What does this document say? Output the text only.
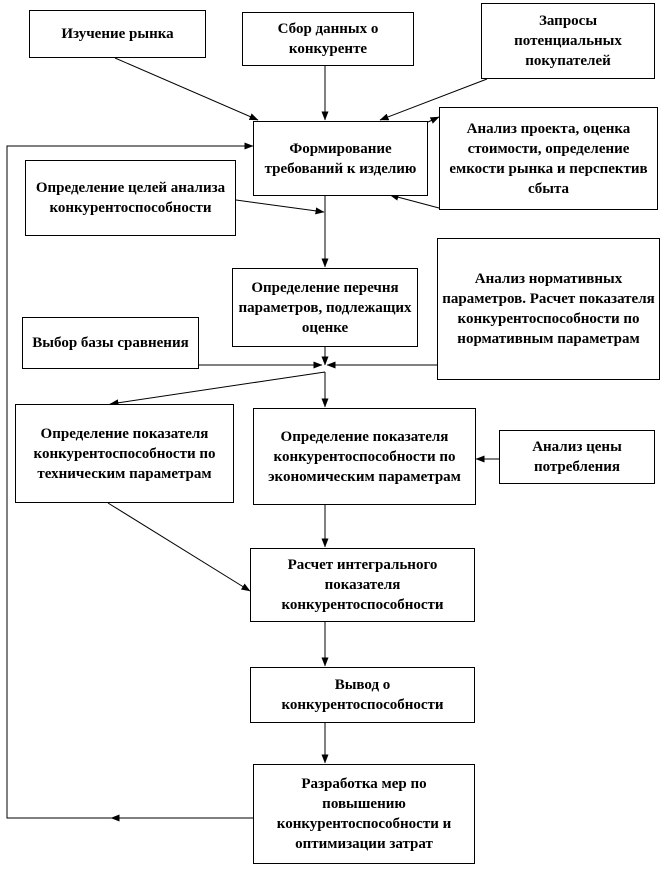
Изучение рынка	Сбор данных о конкуренте
Запросы потенциальных покупателей
Формирование требований к изделию
Анализ проекта, оценка стоимости, определение емкости рынка и перспектив сбыта
Определение целей анализа конкурентоспособности
Определение перечня параметров, подлежащих оценке
Анализ нормативных параметров. Расчет показателя конкурентоспособности по нормативным параметрам
Выбор базы сравнения
Определение показателя конкурентоспособности по техническим параметрам
Определение показателя конкурентоспособности по экономическим параметрам
Анализ цены потребления
Расчет интегрального показателя конкурентоспособности
Вывод о конкурентоспособности
Разработка мер по повышению конкурентоспособности и оптимизации затрат
